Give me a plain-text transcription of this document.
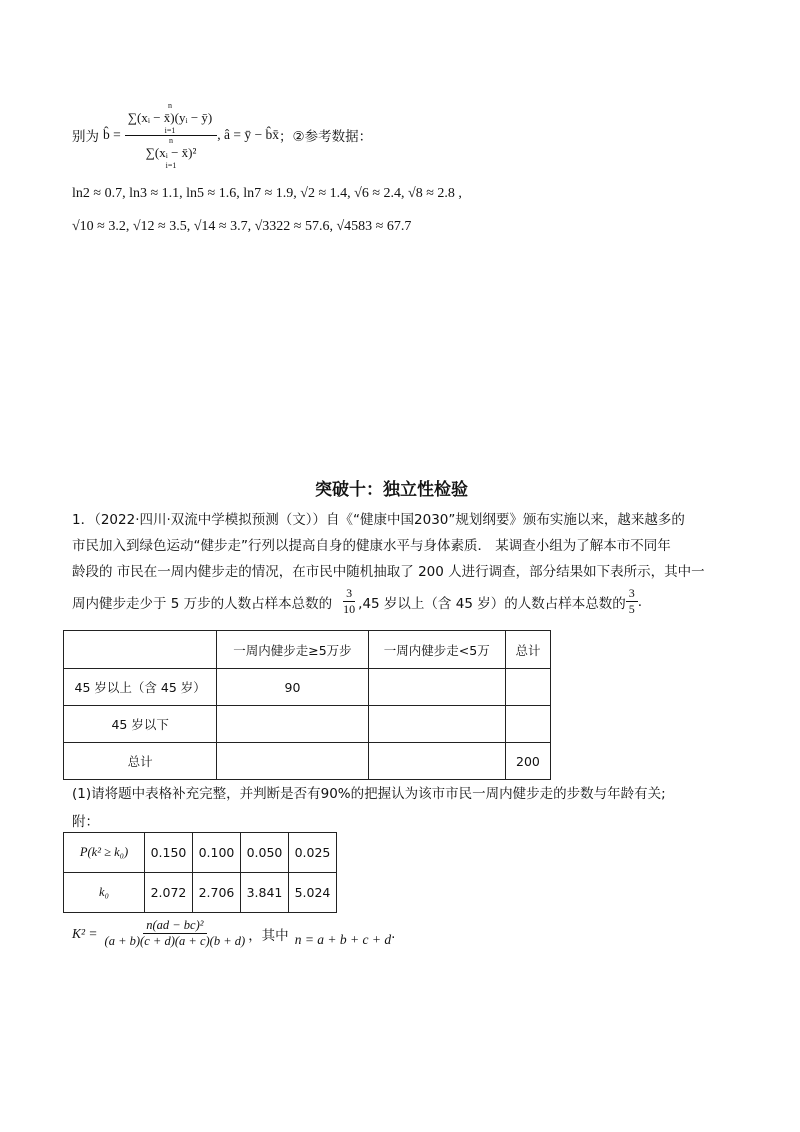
别为 b̂ = n
∑(xᵢ − x̄)(yᵢ − ȳ)
i=1
n
∑(xᵢ − x̄)²
i=1 , â = ȳ − b̂x̄ ；②参考数据：
ln2 ≈ 0.7, ln3 ≈ 1.1, ln5 ≈ 1.6, ln7 ≈ 1.9, √2 ≈ 1.4, √6 ≈ 2.4, √8 ≈ 2.8 ,
√10 ≈ 3.2, √12 ≈ 3.5, √14 ≈ 3.7, √3322 ≈ 57.6, √4583 ≈ 67.7
突破十：独立性检验
1．（2022·四川·双流中学模拟预测（文））自《“健康中国2030”规划纲要》颁布实施以来，越来越多的
市民加入到绿色运动“健步走”行列以提高自身的健康水平与身体素质． 某调查小组为了解本市不同年
龄段的 市民在一周内健步走的情况，在市民中随机抽取了 200 人进行调查，部分结果如下表所示，其中一
周内健步走少于 5 万步的人数占样本总数的 $\frac{3}{10} ,45$ 岁以上（含 45 岁）的人数占样本总数的 $\frac{3}{5}$ .
	一周内健步走≥5万步	一周内健步走<5万	总计
45 岁以上（含 45 岁）	90		
45 岁以下			
总计			200
(1)请将题中表格补充完整，并判断是否有90%的把握认为该市市民一周内健步走的步数与年龄有关;
附：
P(k² ≥ k₀)	0.150	0.100	0.050	0.025
k₀	2.072	2.706	3.841	5.024
$K^2 = \frac{\text{n(ad − bc)²}}{(a + b)(c + d)(a + c)(b + d)}$ ，其中 n = a + b + c + d .
